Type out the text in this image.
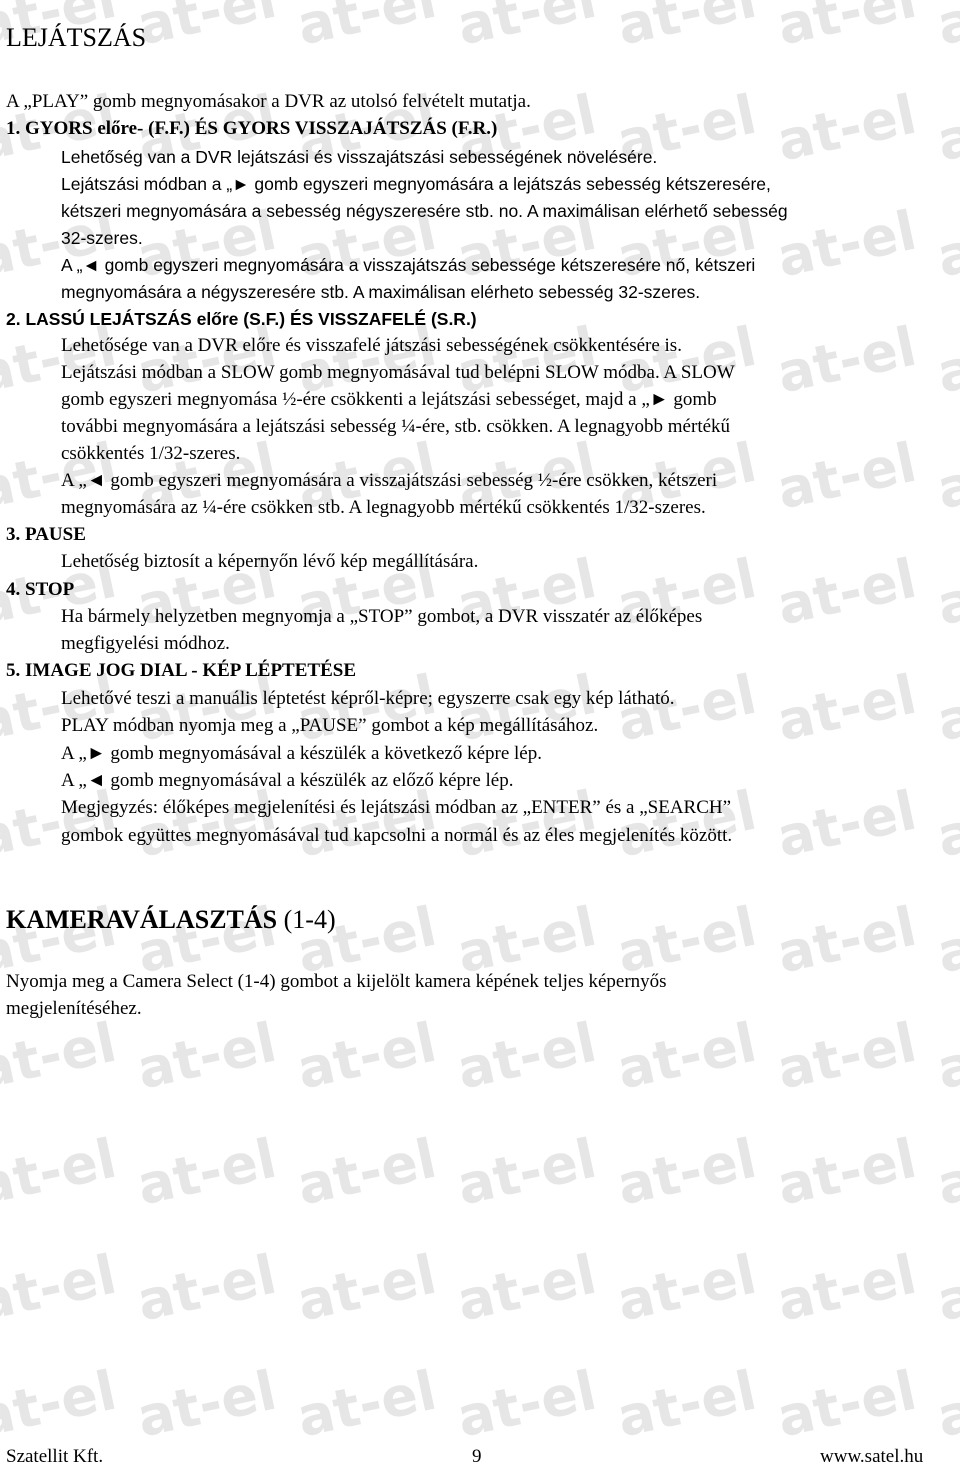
LEJÁTSZÁS
A „PLAY” gomb megnyomásakor a DVR az utolsó felvételt mutatja.
1. GYORS előre- (F.F.) ÉS GYORS VISSZAJÁTSZÁS (F.R.)
Lehetőség van a DVR lejátszási és visszajátszási sebességének növelésére.
Lejátszási módban a „► gomb egyszeri megnyomására a lejátszás sebesség kétszeresére,
kétszeri megnyomására a sebesség négyszeresére stb. no. A maximálisan elérhető sebesség
32-szeres.
A „◄ gomb egyszeri megnyomására a visszajátszás sebessége kétszeresére nő, kétszeri
megnyomására a négyszeresére stb. A maximálisan elérheto sebesség 32-szeres.
2. LASSÚ LEJÁTSZÁS előre (S.F.) ÉS VISSZAFELÉ (S.R.)
Lehetősége van a DVR előre és visszafelé játszási sebességének csökkentésére is.
Lejátszási módban a SLOW gomb megnyomásával tud belépni SLOW módba. A SLOW
gomb egyszeri megnyomása ½-ére csökkenti a lejátszási sebességet, majd a „► gomb
további megnyomására a lejátszási sebesség ¼-ére, stb. csökken. A legnagyobb mértékű
csökkentés 1/32-szeres.
A „◄ gomb egyszeri megnyomására a visszajátszási sebesség ½-ére csökken, kétszeri
megnyomására az ¼-ére csökken stb. A legnagyobb mértékű csökkentés 1/32-szeres.
3. PAUSE
Lehetőség biztosít a képernyőn lévő kép megállítására.
4. STOP
Ha bármely helyzetben megnyomja a „STOP” gombot, a DVR visszatér az élőképes
megfigyelési módhoz.
5. IMAGE JOG DIAL - KÉP LÉPTETÉSE
Lehetővé teszi a manuális léptetést képről-képre; egyszerre csak egy kép látható.
PLAY módban nyomja meg a „PAUSE” gombot a kép megállításához.
A „► gomb megnyomásával a készülék a következő képre lép.
A „◄ gomb megnyomásával a készülék az előző képre lép.
Megjegyzés: élőképes megjelenítési és lejátszási módban az „ENTER” és a „SEARCH”
gombok együttes megnyomásával tud kapcsolni a normál és az éles megjelenítés között.
KAMERAVÁLASZTÁS (1-4)
Nyomja meg a Camera Select (1-4) gombot a kijelölt kamera képének teljes képernyős
megjelenítéséhez.
Szatellit Kft.	9	www.satel.hu
